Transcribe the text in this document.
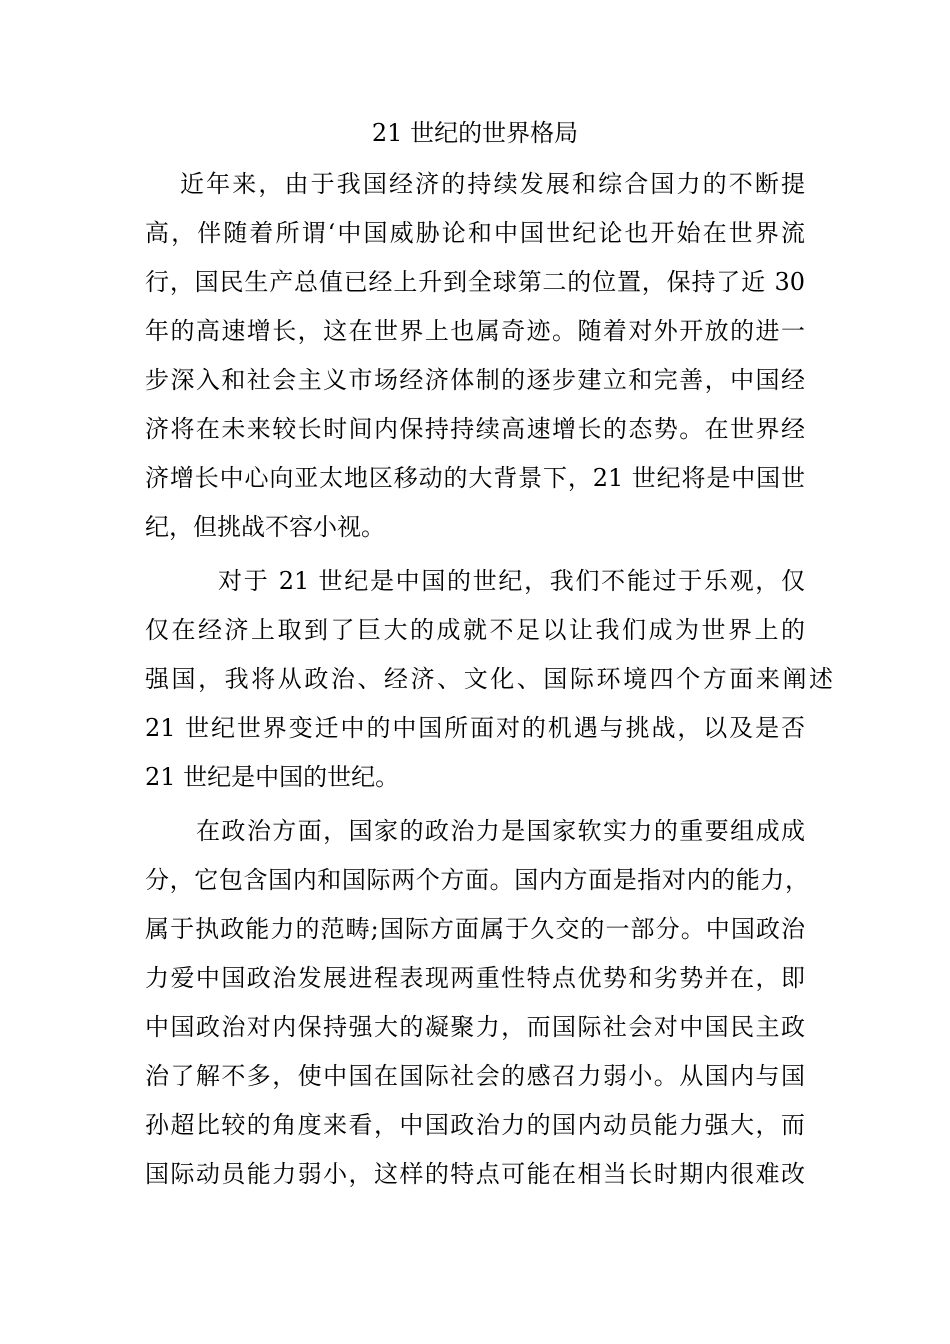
21 世纪的世界格局
近年来，由于我国经济的持续发展和综合国力的不断提
高，伴随着所谓‘中国威胁论和中国世纪论也开始在世界流
行，国民生产总值已经上升到全球第二的位置，保持了近 30
年的高速增长，这在世界上也属奇迹。随着对外开放的进一
步深入和社会主义市场经济体制的逐步建立和完善，中国经
济将在未来较长时间内保持持续高速增长的态势。在世界经
济增长中心向亚太地区移动的大背景下，21 世纪将是中国世
纪，但挑战不容小视。
对于 21 世纪是中国的世纪，我们不能过于乐观，仅
仅在经济上取到了巨大的成就不足以让我们成为世界上的
强国，我将从政治、经济、文化、国际环境四个方面来阐述
21 世纪世界变迁中的中国所面对的机遇与挑战，以及是否
21 世纪是中国的世纪。
在政治方面，国家的政治力是国家软实力的重要组成成
分，它包含国内和国际两个方面。国内方面是指对内的能力，
属于执政能力的范畴;国际方面属于久交的一部分。中国政治
力爱中国政治发展进程表现两重性特点优势和劣势并在，即
中国政治对内保持强大的凝聚力，而国际社会对中国民主政
治了解不多，使中国在国际社会的感召力弱小。从国内与国
孙超比较的角度来看，中国政治力的国内动员能力强大，而
国际动员能力弱小，这样的特点可能在相当长时期内很难改
